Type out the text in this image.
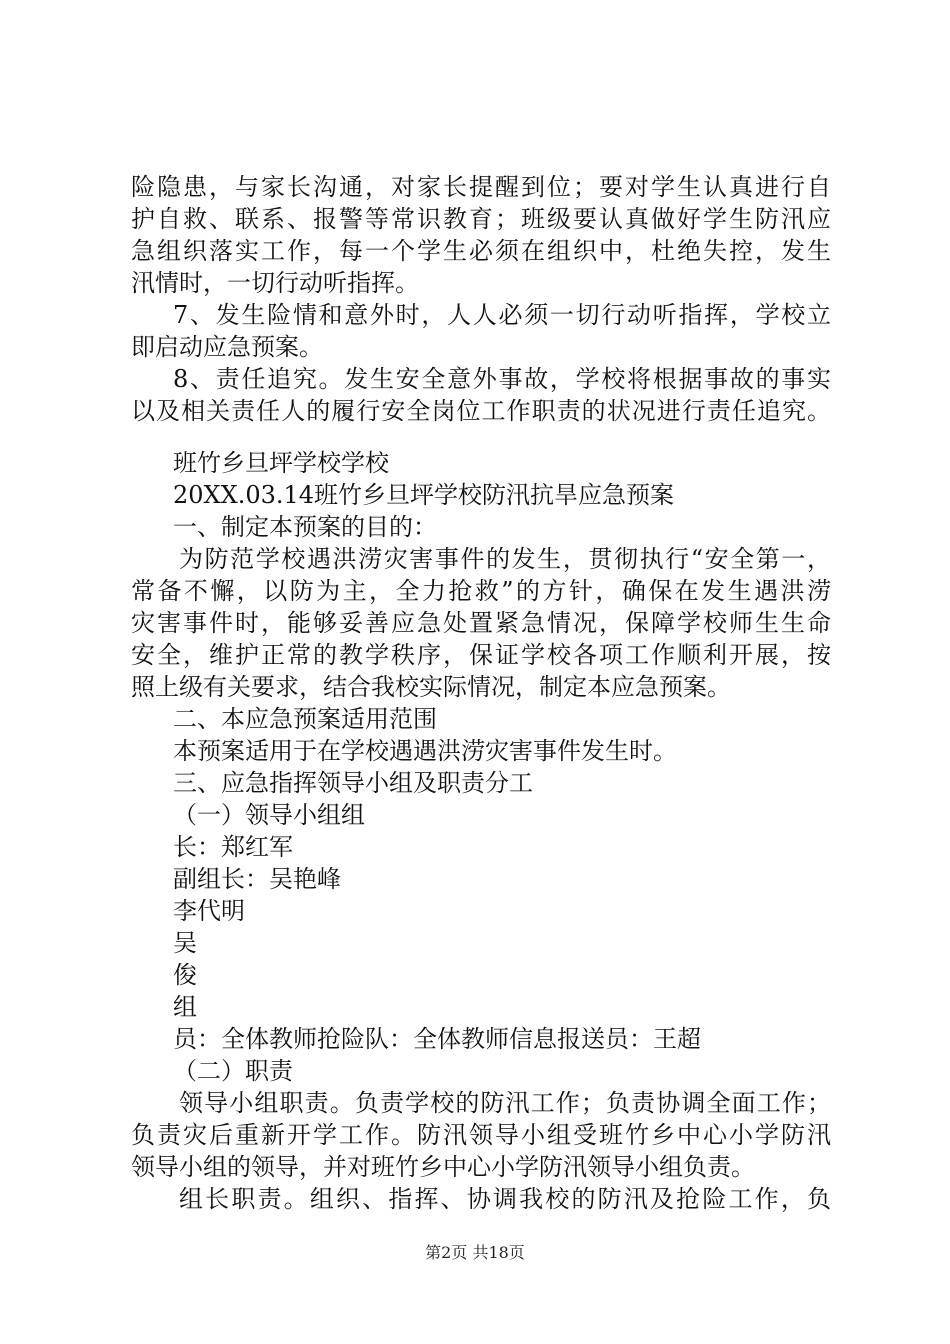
险隐患，与家长沟通，对家长提醒到位；要对学生认真进行自
护自救、联系、报警等常识教育；班级要认真做好学生防汛应
急组织落实工作，每一个学生必须在组织中，杜绝失控，发生
汛情时，一切行动听指挥。
7、发生险情和意外时，人人必须一切行动听指挥，学校立
即启动应急预案。
8、责任追究。发生安全意外事故，学校将根据事故的事实
以及相关责任人的履行安全岗位工作职责的状况进行责任追究。
班竹乡旦坪学校学校
20XX.03.14班竹乡旦坪学校防汛抗旱应急预案
一、制定本预案的目的：
为防范学校遇洪涝灾害事件的发生，贯彻执行“安全第一，
常备不懈，以防为主，全力抢救”的方针，确保在发生遇洪涝
灾害事件时，能够妥善应急处置紧急情况，保障学校师生生命
安全，维护正常的教学秩序，保证学校各项工作顺利开展，按
照上级有关要求，结合我校实际情况，制定本应急预案。
二、本应急预案适用范围
本预案适用于在学校遇遇洪涝灾害事件发生时。
三、应急指挥领导小组及职责分工
（一）领导小组组
长：郑红军
副组长：吴艳峰
李代明
吴
俊
组
员：全体教师抢险队：全体教师信息报送员：王超
（二）职责
领导小组职责。负责学校的防汛工作；负责协调全面工作；
负责灾后重新开学工作。防汛领导小组受班竹乡中心小学防汛
领导小组的领导，并对班竹乡中心小学防汛领导小组负责。
组长职责。组织、指挥、协调我校的防汛及抢险工作，负
第2页 共18页
